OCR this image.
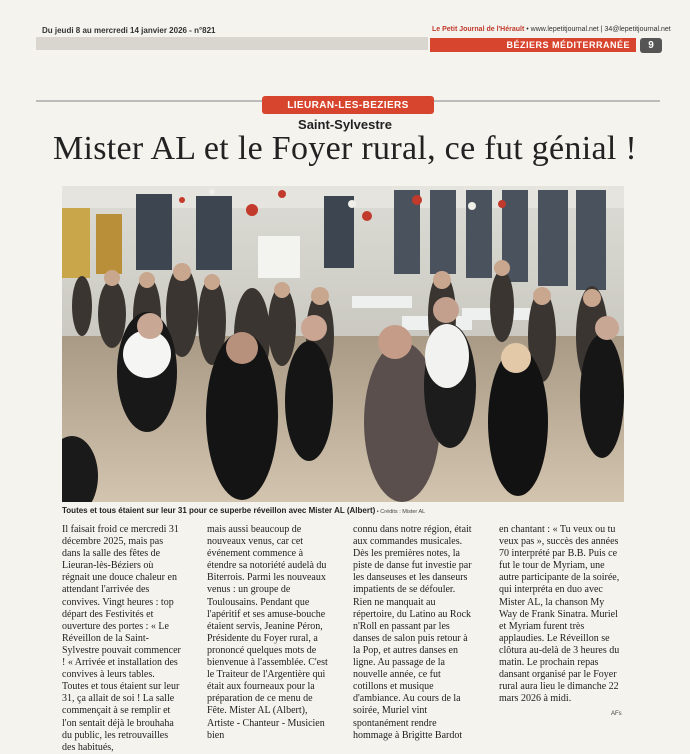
Du jeudi 8 au mercredi 14 janvier 2026 - n°821	Le Petit Journal de l'Hérault • www.lepetitjournal.net | 34@lepetitjournal.net
BÉZIERS MÉDITERRANÉE	9
LIEURAN-LES-BEZIERS
Saint-Sylvestre
Mister AL et le Foyer rural, ce fut génial !
Toutes et tous étaient sur leur 31 pour ce superbe réveillon avec Mister AL (Albert) • Crédits : Mister AL

Il faisait froid ce mercredi 31 décembre 2025, mais pas dans la salle des fêtes de Lieuran-lès-Béziers où régnait une douce chaleur en attendant l'arrivée des convives. Vingt heures : top départ des Festivités et ouverture des portes : « Le Réveillon de la Saint-Sylvestre pouvait commencer ! « Arrivée et installation des convives à leurs tables. Toutes et tous étaient sur leur 31, ça allait de soi ! La salle commençait à se remplir et l'on sentait déjà le brouhaha du public, les retrouvailles des habitués,

mais aussi beaucoup de nouveaux venus, car cet événement commence à étendre sa notoriété audelà du Biterrois. Parmi les nouveaux venus : un groupe de Toulousains. Pendant que l'apéritif et ses amuse-bouche étaient servis, Jeanine Péron, Présidente du Foyer rural, a prononcé quelques mots de bienvenue à l'assemblée. C'est le Traiteur de l'Argentière qui était aux fourneaux pour la préparation de ce menu de Fête. Mister AL (Albert), Artiste - Chanteur - Musicien bien

connu dans notre région, était aux commandes musicales. Dès les premières notes, la piste de danse fut investie par les danseuses et les danseurs impatients de se défouler. Rien ne manquait au répertoire, du Latino au Rock n'Roll en passant par les danses de salon puis retour à la Pop, et autres danses en ligne. Au passage de la nouvelle année, ce fut cotillons et musique d'ambiance. Au cours de la soirée, Muriel vint spontanément rendre hommage à Brigitte Bardot

en chantant : « Tu veux ou tu veux pas », succès des années 70 interprété par B.B. Puis ce fut le tour de Myriam, une autre participante de la soirée, qui interpréta en duo avec Mister AL, la chanson My Way de Frank Sinatra. Muriel et Myriam furent très applaudies. Le Réveillon se clôtura au-delà de 3 heures du matin. Le prochain repas dansant organisé par le Foyer rural aura lieu le dimanche 22 mars 2026 à midi.

AFs
